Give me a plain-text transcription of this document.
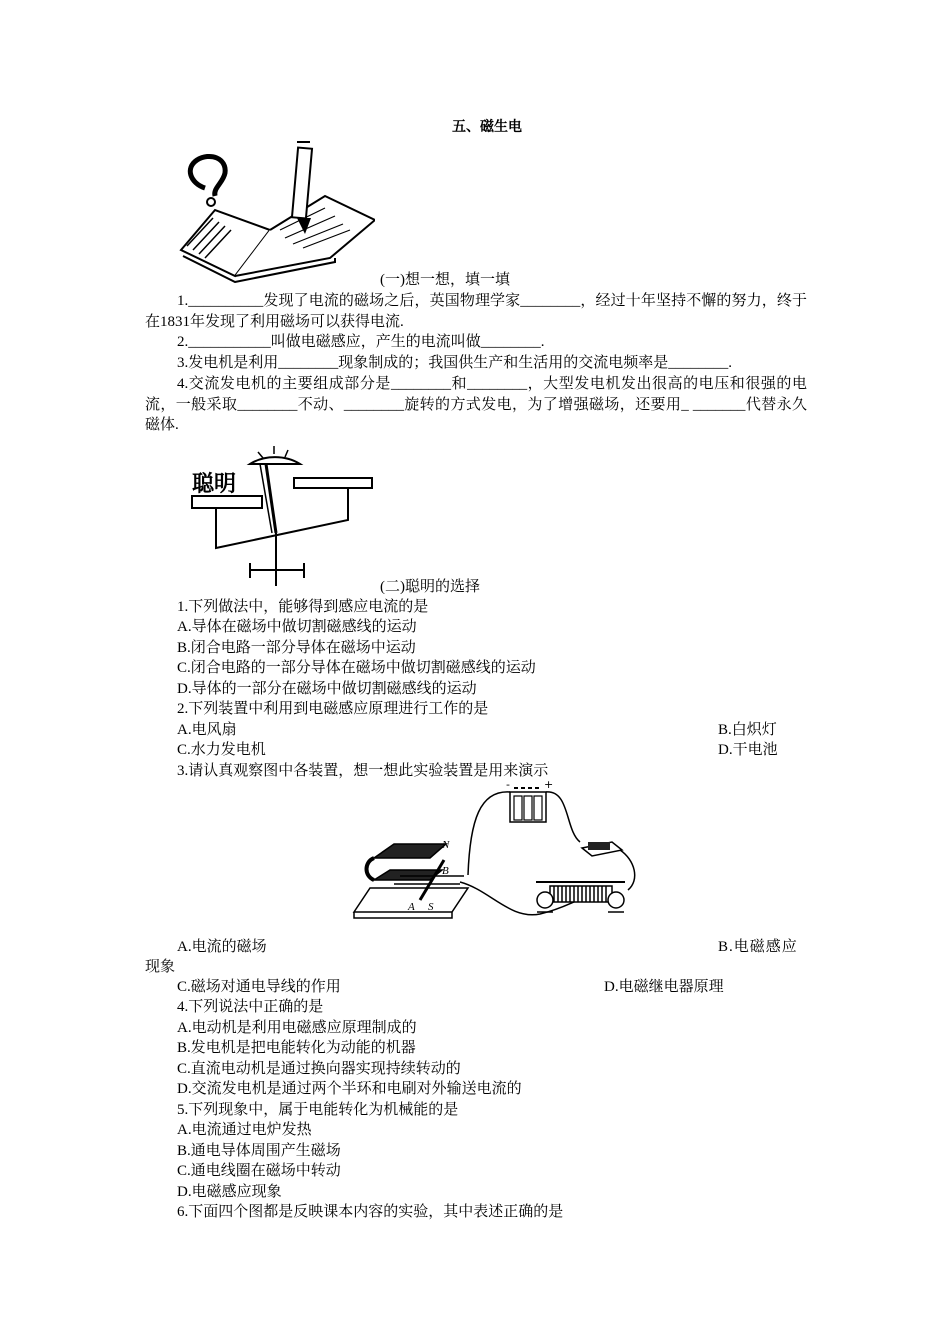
五、磁生电
(一)想一想，填一填
1.__________发现了电流的磁场之后，英国物理学家________，经过十年坚持不懈的努力，终于在1831年发现了利用磁场可以获得电流.
2.___________叫做电磁感应，产生的电流叫做________.
3.发电机是利用________现象制成的；我国供生产和生活用的交流电频率是________.
4.交流发电机的主要组成部分是________和________，大型发电机发出很高的电压和很强的电流，一般采取________不动、________旋转的方式发电，为了增强磁场，还要用_ _______代替永久磁体.
聪明
(二)聪明的选择
1.下列做法中，能够得到感应电流的是
A.导体在磁场中做切割磁感线的运动
B.闭合电路一部分导体在磁场中运动
C.闭合电路的一部分导体在磁场中做切割磁感线的运动
D.导体的一部分在磁场中做切割磁感线的运动
2.下列装置中利用到电磁感应原理进行工作的是
A.电风扇	B.白炽灯
C.水力发电机	D.干电池
3.请认真观察图中各装置，想一想此实验装置是用来演示
-	+
N
B
A S
A.电流的磁场	B.电磁感应
现象
C.磁场对通电导线的作用	D.电磁继电器原理
4.下列说法中正确的是
A.电动机是利用电磁感应原理制成的
B.发电机是把电能转化为动能的机器
C.直流电动机是通过换向器实现持续转动的
D.交流发电机是通过两个半环和电刷对外输送电流的
5.下列现象中，属于电能转化为机械能的是
A.电流通过电炉发热
B.通电导体周围产生磁场
C.通电线圈在磁场中转动
D.电磁感应现象
6.下面四个图都是反映课本内容的实验，其中表述正确的是
